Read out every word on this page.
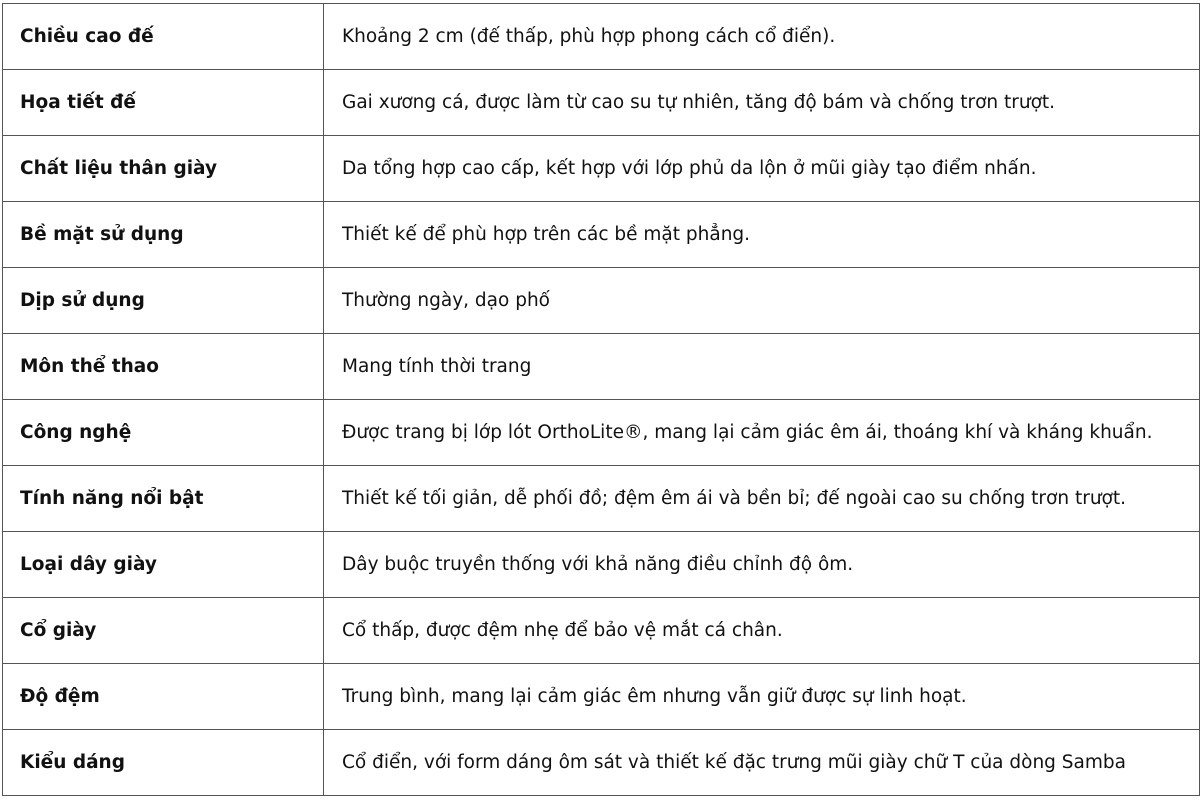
Chiều cao đế	Khoảng 2 cm (đế thấp, phù hợp phong cách cổ điển).
Họa tiết đế	Gai xương cá, được làm từ cao su tự nhiên, tăng độ bám và chống trơn trượt.
Chất liệu thân giày	Da tổng hợp cao cấp, kết hợp với lớp phủ da lộn ở mũi giày tạo điểm nhấn.
Bề mặt sử dụng	Thiết kế để phù hợp trên các bề mặt phẳng.
Dịp sử dụng	Thường ngày, dạo phố
Môn thể thao	Mang tính thời trang
Công nghệ	Được trang bị lớp lót OrthoLite®, mang lại cảm giác êm ái, thoáng khí và kháng khuẩn.
Tính năng nổi bật	Thiết kế tối giản, dễ phối đồ; đệm êm ái và bền bỉ; đế ngoài cao su chống trơn trượt.
Loại dây giày	Dây buộc truyền thống với khả năng điều chỉnh độ ôm.
Cổ giày	Cổ thấp, được đệm nhẹ để bảo vệ mắt cá chân.
Độ đệm	Trung bình, mang lại cảm giác êm nhưng vẫn giữ được sự linh hoạt.
Kiểu dáng	Cổ điển, với form dáng ôm sát và thiết kế đặc trưng mũi giày chữ T của dòng Samba
